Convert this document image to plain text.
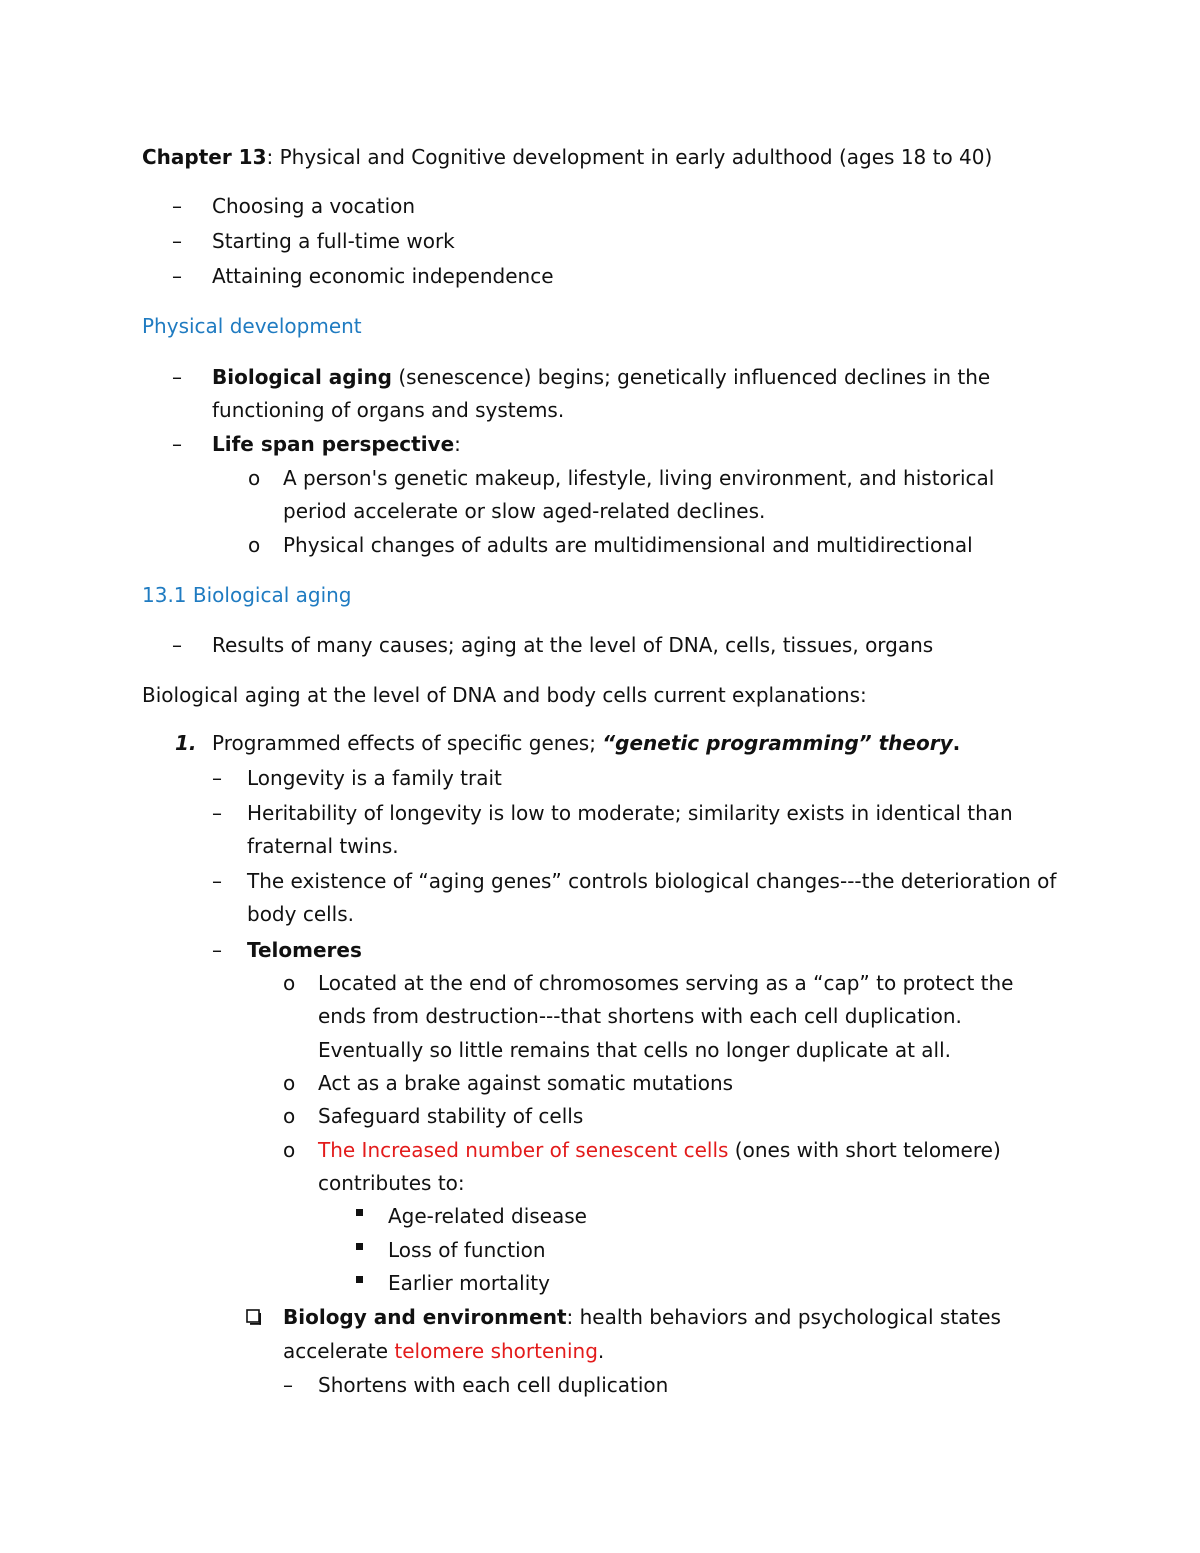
Chapter 13: Physical and Cognitive development in early adulthood (ages 18 to 40)
– Choosing a vocation
– Starting a full-time work
– Attaining economic independence
Physical development
– Biological aging (senescence) begins; genetically influenced declines in the
functioning of organs and systems.
– Life span perspective:
o A person's genetic makeup, lifestyle, living environment, and historical
period accelerate or slow aged-related declines.
o Physical changes of adults are multidimensional and multidirectional
13.1 Biological aging
– Results of many causes; aging at the level of DNA, cells, tissues, organs
Biological aging at the level of DNA and body cells current explanations:
1. Programmed effects of specific genes; “genetic programming” theory.
– Longevity is a family trait
– Heritability of longevity is low to moderate; similarity exists in identical than
fraternal twins.
– The existence of “aging genes” controls biological changes---the deterioration of
body cells.
– Telomeres
o Located at the end of chromosomes serving as a “cap” to protect the
ends from destruction---that shortens with each cell duplication.
Eventually so little remains that cells no longer duplicate at all.
o Act as a brake against somatic mutations
o Safeguard stability of cells
o The Increased number of senescent cells (ones with short telomere)
contributes to:
Age-related disease
Loss of function
Earlier mortality
Biology and environment: health behaviors and psychological states
accelerate telomere shortening.
– Shortens with each cell duplication
